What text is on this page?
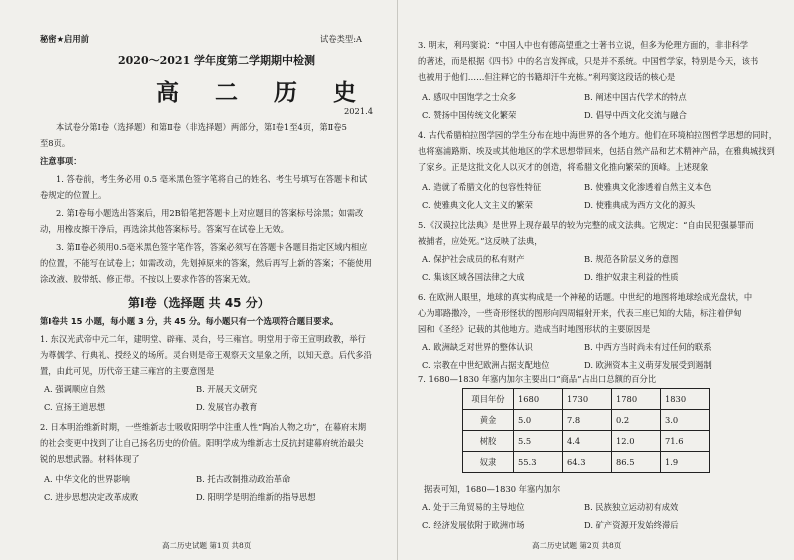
秘密★启用前	试卷类型:A
2020～2021 学年度第二学期期中检测
高 二 历 史
2021.4
本试卷分第Ⅰ卷（选择题）和第Ⅱ卷（非选择题）两部分，第Ⅰ卷1至4页，第Ⅱ卷5
至8页。
注意事项：
1. 答卷前，考生务必用 0.5 毫米黑色签字笔将自己的姓名、考生号填写在答题卡和试
卷规定的位置上。
2. 第Ⅰ卷每小题选出答案后，用2B铅笔把答题卡上对应题目的答案标号涂黑；如需改
动，用橡皮擦干净后，再选涂其他答案标号。答案写在试卷上无效。
3. 第Ⅱ卷必须用0.5毫米黑色签字笔作答，答案必须写在答题卡各题目指定区域内相应
的位置，不能写在试卷上；如需改动，先划掉原来的答案，然后再写上新的答案；不能使用
涂改液、胶带纸、修正带。不按以上要求作答的答案无效。
第Ⅰ卷（选择题 共 45 分）
第Ⅰ卷共 15 小题，每小题 3 分，共 45 分。每小题只有一个选项符合题目要求。
1. 东汉光武帝中元二年，建明堂、辟雍、灵台，号三雍宫。明堂用于帝王宣明政教，举行
为尊儒学、行典礼、授经义的场所。灵台则是帝王观察天文星象之所，以知天意。后代多沿
置，由此可见，历代帝王建三雍宫的主要意图是
A. 强调顺应自然	B. 开展天文研究
C. 宣扬王道思想	D. 发展官办教育
2. 日本明治维新时期，一些维新志士吸收阳明学中注重人性“陶冶人物之功”，在幕府末期
的社会变更中找到了让自己扬名历史的价值。阳明学成为维新志士反抗封建幕府统治最尖
锐的思想武器。材料体现了
A. 中华文化的世界影响	B. 托古改制推动政治革命
C. 进步思想决定改革成败	D. 阳明学是明治维新的指导思想
高二历史试题 第1页 共8页
3. 明末，利玛窦说：“中国人中也有德高望重之士著书立说，但多为伦理方面的，非非科学
的著述，而是根据《四书》中的名言发挥成，只是并不系统。中国哲学家，特别是今天，该书
也被用于他们……但注释它的书籍却汗牛充栋。”利玛窦这段话的核心是
A. 感叹中国饱学之士众多	B. 阐述中国古代学术的特点
C. 赞扬中国传统文化繁荣	D. 倡导中西文化交流与融合
4. 古代希腊柏拉图学园的学生分布在地中海世界的各个地方。他们在环境柏拉图哲学思想的同时，
也将塞浦路斯、埃及或其他地区的学术思想带回来，包括自然产品和艺术精神产品，在雅典城找到
了家乡。正是这批文化人以灭才的创造，将希腊文化推向繁荣的顶峰。上述现象
A. 造就了希腊文化的包容性特征	B. 使雅典文化渗透着自然主义本色
C. 使雅典文化人文主义的繁荣	D. 使雅典成为西方文化的源头
5.《汉谟拉比法典》是世界上现存最早的较为完整的成文法典。它规定：“自由民犯强暴罪而
被捕者，应处死。”这反映了法典，
A. 保护社会成员的私有财产	B. 规范各阶层义务的意图
C. 集该区域各国法律之大成	D. 维护奴隶主利益的性质
6. 在欧洲人眼里，地球的真实构成是一个神秘的话题。中世纪的地图将地球绘成光盘状，中
心为耶路撒冷，一些奇形怪状的图形向四周辐射开来，代表三座已知的大陆，标注着伊甸
园和《圣经》记载的其他地方。造成当时地图形状的主要原因是
A. 欧洲缺乏对世界的整体认识	B. 中西方当时尚未有过任何的联系
C. 宗教在中世纪欧洲占据支配地位	D. 欧洲资本主义萌芽发展受到遏制
7. 1680—1830 年塞内加尔主要出口“商品”占出口总额的百分比
项目年份	1680	1730	1780	1830
黄金	5.0	7.8	0.2	3.0
树胶	5.5	4.4	12.0	71.6
奴隶	55.3	64.3	86.5	1.9
据表可知，1680—1830 年塞内加尔
A. 处于三角贸易的主导地位	B. 民族独立运动初有成效
C. 经济发展依附于欧洲市场	D. 矿产资源开发始终滞后
高二历史试题 第2页 共8页
